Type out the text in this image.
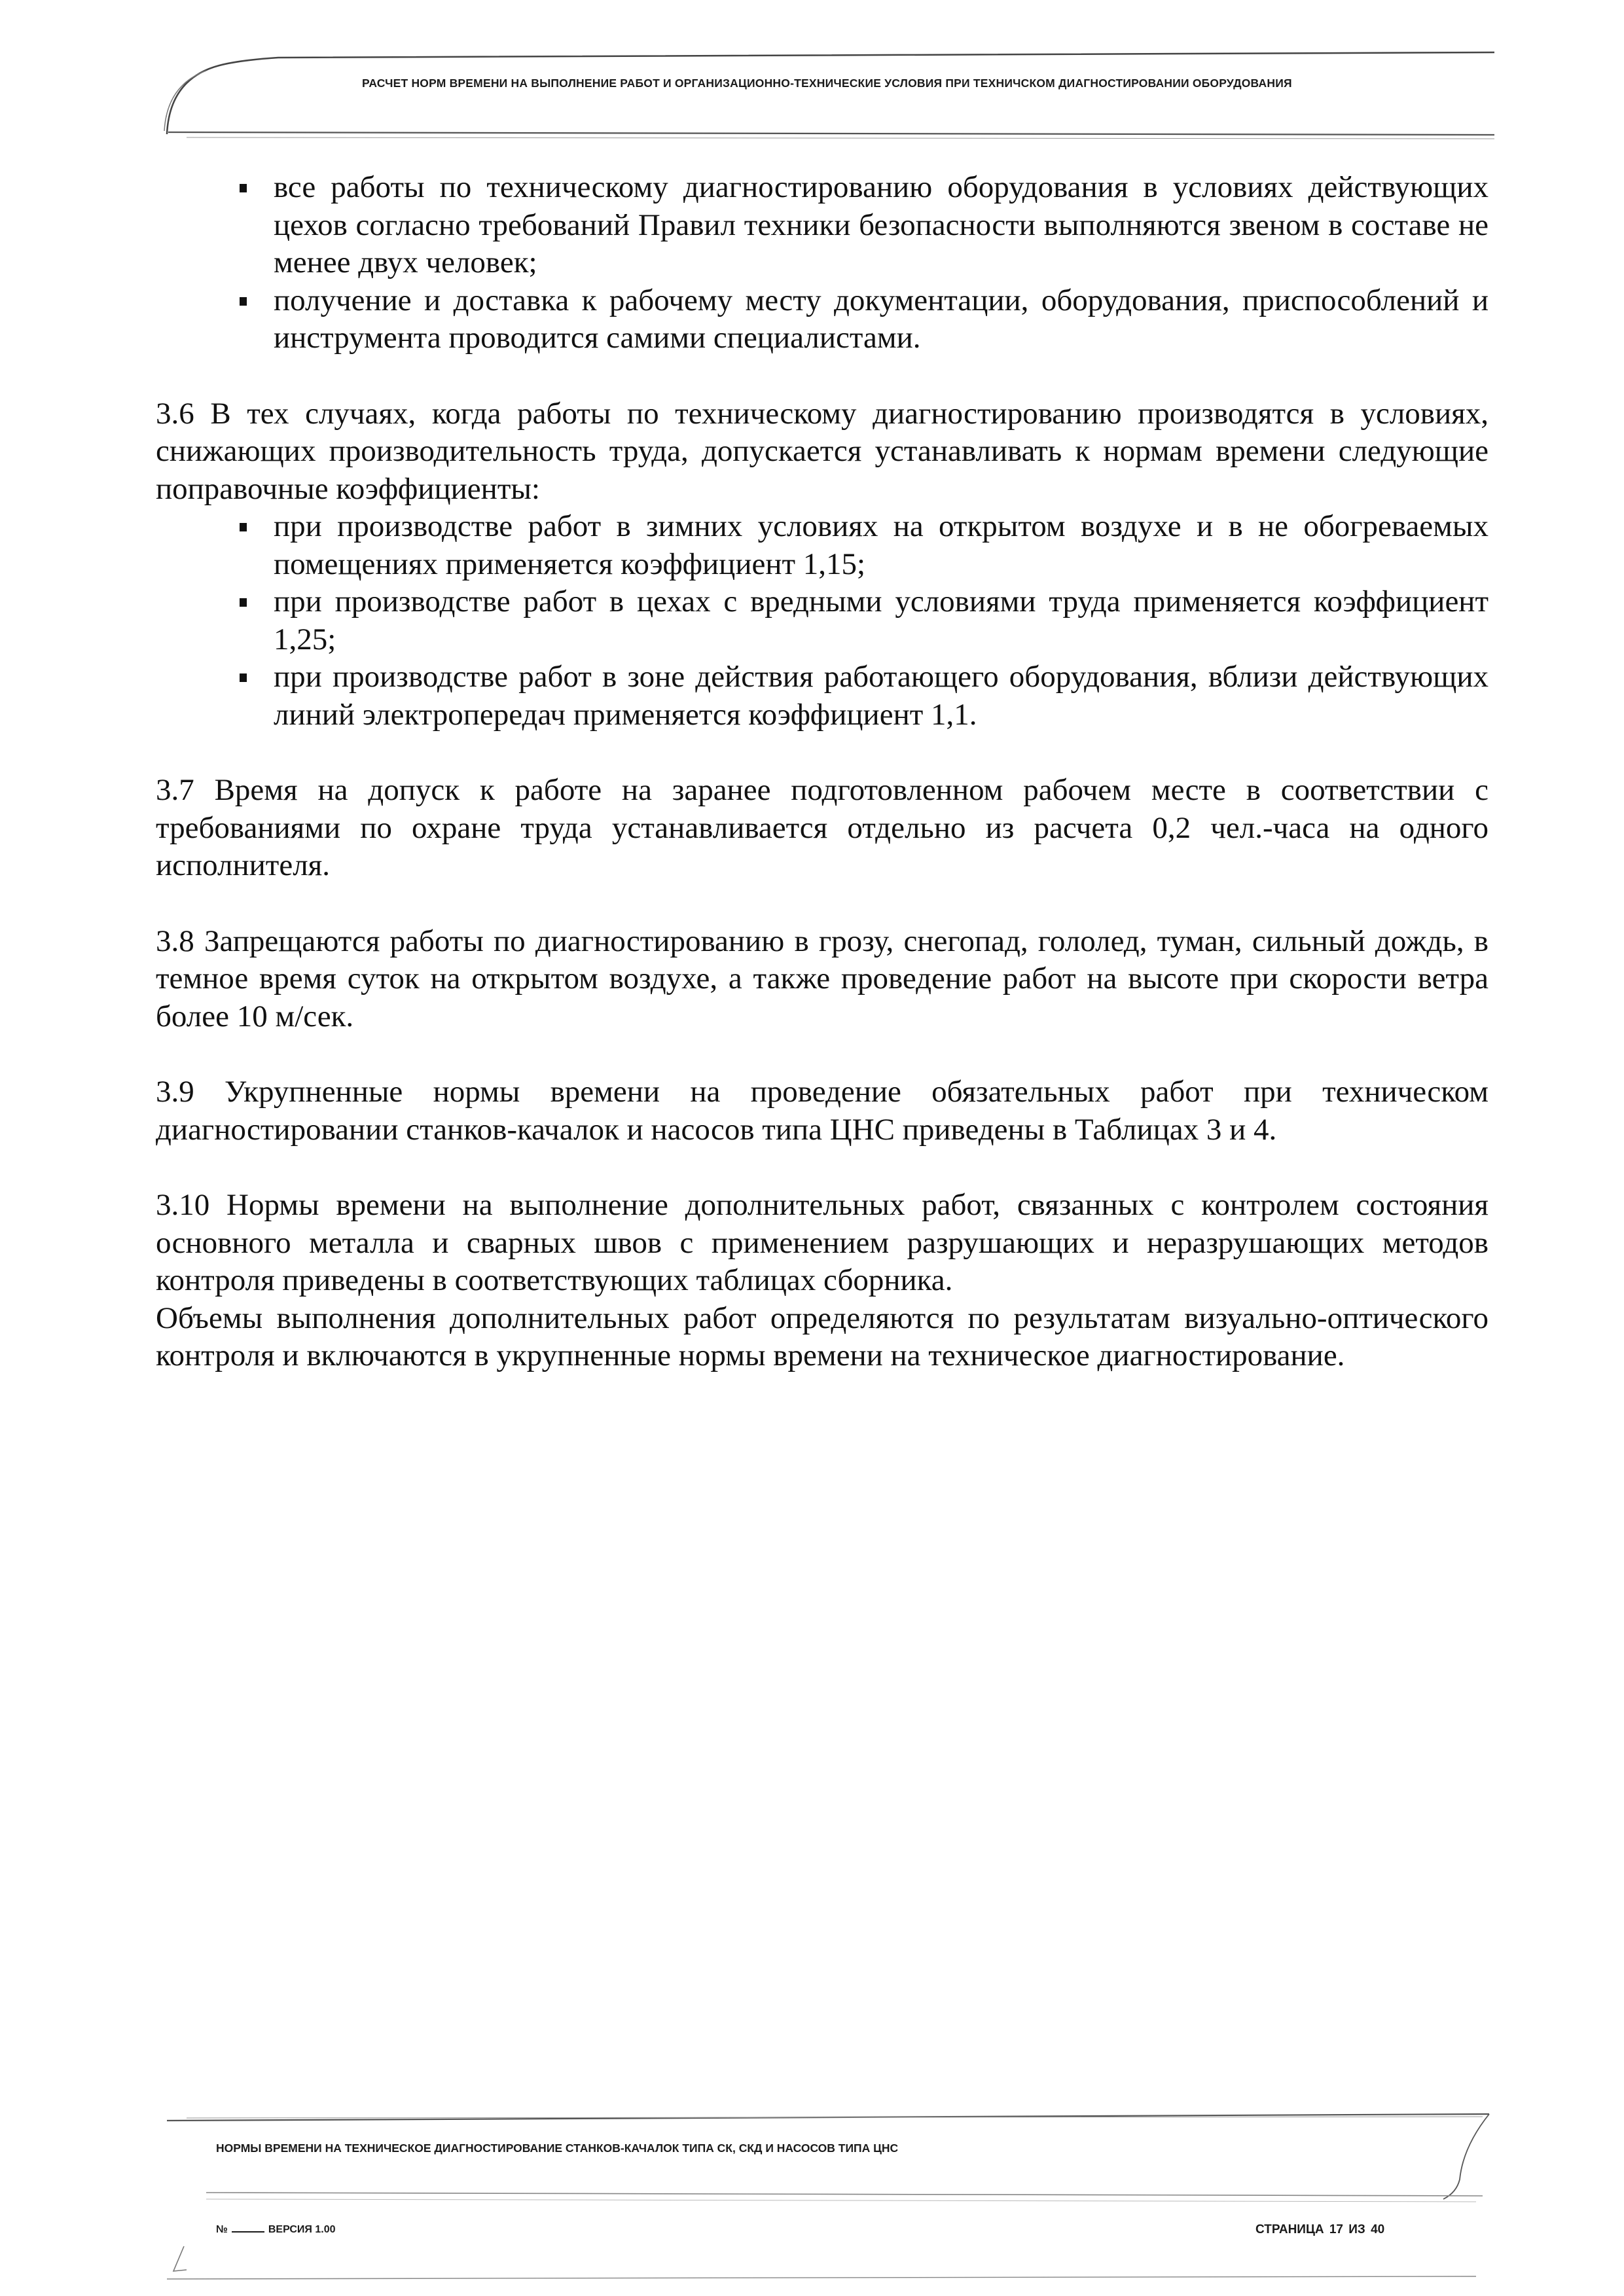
РАСЧЕТ НОРМ ВРЕМЕНИ НА ВЫПОЛНЕНИЕ РАБОТ И ОРГАНИЗАЦИОННО-ТЕХНИЧЕСКИЕ УСЛОВИЯ ПРИ ТЕХНИЧСКОМ ДИАГНОСТИРОВАНИИ ОБОРУДОВАНИЯ
все работы по техническому диагностированию оборудования в условиях действующих цехов согласно требований Правил техники безопасности выполняются звеном в составе не менее двух человек;
получение и доставка к рабочему месту документации, оборудования, приспособлений и инструмента проводится самими специалистами.

3.6 В тех случаях, когда работы по техническому диагностированию производятся в условиях, снижающих производительность труда, допускается устанавливать к нормам времени следующие поправочные коэффициенты:

при производстве работ в зимних условиях на открытом воздухе и в не обогреваемых помещениях применяется коэффициент 1,15;
при производстве работ в цехах с вредными условиями труда применяется коэффициент 1,25;
при производстве работ в зоне действия работающего оборудования, вблизи действующих линий электропередач применяется коэффициент 1,1.

3.7 Время на допуск к работе на заранее подготовленном рабочем месте в соответствии с требованиями по охране труда устанавливается отдельно из расчета 0,2 чел.-часа на одного исполнителя.

3.8 Запрещаются работы по диагностированию в грозу, снегопад, гололед, туман, сильный дождь, в темное время суток на открытом воздухе, а также проведение работ на высоте при скорости ветра более 10 м/сек.

3.9 Укрупненные нормы времени на проведение обязательных работ при техническом диагностировании станков-качалок и насосов типа ЦНС приведены в Таблицах 3 и 4.

3.10 Нормы времени на выполнение дополнительных работ, связанных с контролем состояния основного металла и сварных швов с применением разрушающих и неразрушающих методов контроля приведены в соответствующих таблицах сборника.

Объемы выполнения дополнительных работ определяются по результатам визуально-оптического контроля и включаются в укрупненные нормы времени на техническое диагностирование.

НОРМЫ ВРЕМЕНИ НА ТЕХНИЧЕСКОЕ ДИАГНОСТИРОВАНИЕ СТАНКОВ-КАЧАЛОК ТИПА СК, СКД И НАСОСОВ ТИПА ЦНС
№	ВЕРСИЯ 1.00	СТРАНИЦА 17 ИЗ 40
